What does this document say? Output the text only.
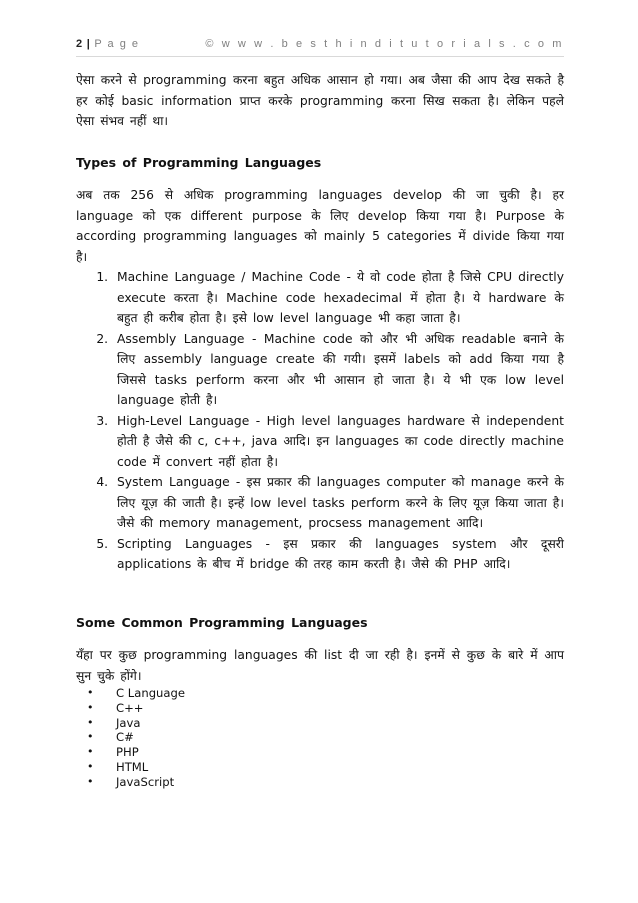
2 | P a g e	© w w w . b e s t h i n d i t u t o r i a l s . c o m

ऐसा करने से programming करना बहुत अधिक आसान हो गया। अब जैसा की आप देख सकते है हर कोई basic information प्राप्त करके programming करना सिख सकता है। लेकिन पहले ऐसा संभव नहीं था।

Types of Programming Languages

अब तक 256 से अधिक programming languages develop की जा चुकी है। हर language को एक different purpose के लिए develop किया गया है। Purpose के according programming languages को mainly 5 categories में divide किया गया है।

1. Machine Language / Machine Code - ये वो code होता है जिसे CPU directly execute करता है। Machine code hexadecimal में होता है। ये hardware के बहुत ही करीब होता है। इसे low level language भी कहा जाता है।
2. Assembly Language - Machine code को और भी अधिक readable बनाने के लिए assembly language create की गयी। इसमें labels को add किया गया है जिससे tasks perform करना और भी आसान हो जाता है। ये भी एक low level language होती है।
3. High-Level Language - High level languages hardware से independent होती है जैसे की c, c++, java आदि। इन languages का code directly machine code में convert नहीं होता है।
4. System Language - इस प्रकार की languages computer को manage करने के लिए यूज़ की जाती है। इन्हें low level tasks perform करने के लिए यूज़ किया जाता है। जैसे की memory management, procsess management आदि।
5. Scripting Languages - इस प्रकार की languages system और दूसरी applications के बीच में bridge की तरह काम करती है। जैसे की PHP आदि।
Some Common Programming Languages

यँहा पर कुछ programming languages की list दी जा रही है। इनमें से कुछ के बारे में आप सुन चुके होंगे।

• C Language
• C++
• Java
• C#
• PHP
• HTML
• JavaScript
